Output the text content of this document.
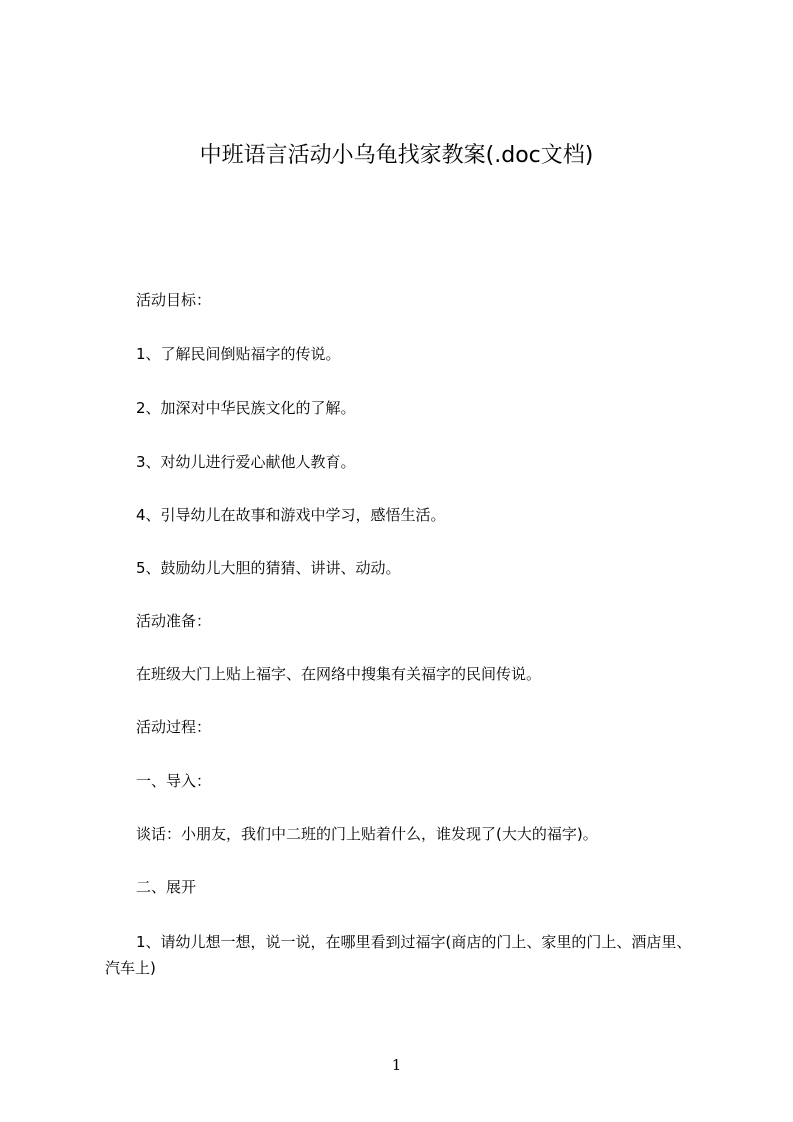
中班语言活动小乌龟找家教案(.doc文档)
活动目标：
1、了解民间倒贴福字的传说。
2、加深对中华民族文化的了解。
3、对幼儿进行爱心献他人教育。
4、引导幼儿在故事和游戏中学习，感悟生活。
5、鼓励幼儿大胆的猜猜、讲讲、动动。
活动准备：
在班级大门上贴上福字、在网络中搜集有关福字的民间传说。
活动过程：
一、导入：
谈话：小朋友，我们中二班的门上贴着什么，谁发现了(大大的福字)。
二、展开
1、请幼儿想一想，说一说，在哪里看到过福字(商店的门上、家里的门上、酒店里、汽车上)
1
